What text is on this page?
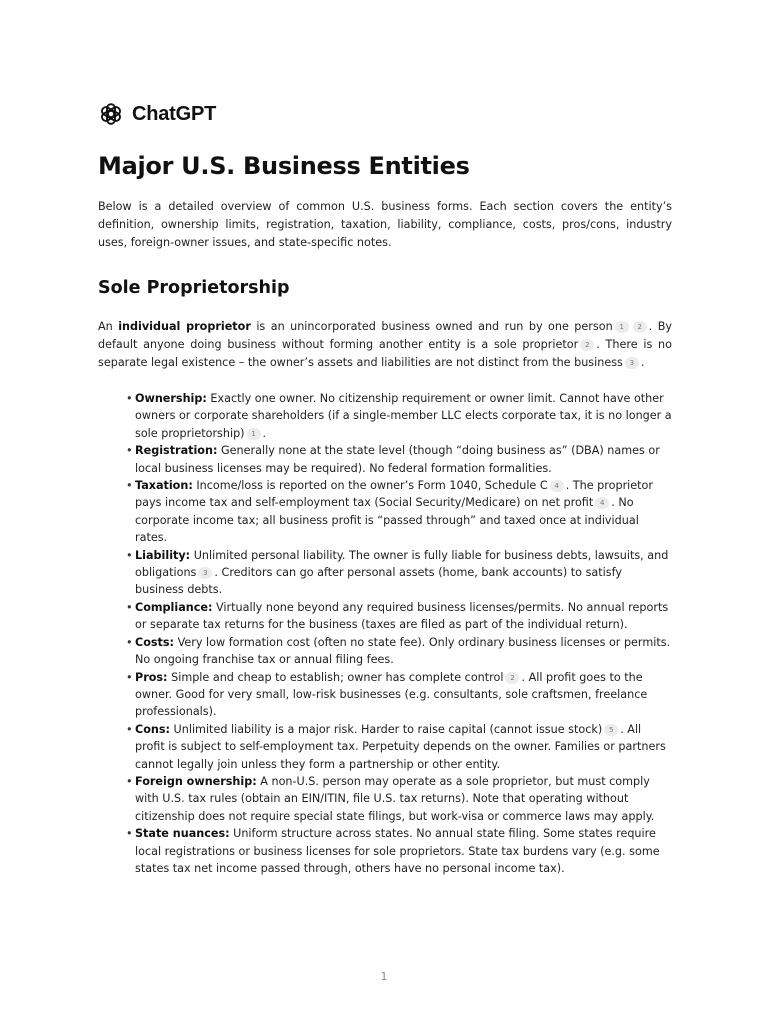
ChatGPT
Major U.S. Business Entities

Below is a detailed overview of common U.S. business forms. Each section covers the entity’s definition, ownership limits, registration, taxation, liability, compliance, costs, pros/cons, industry uses, foreign-owner issues, and state-specific notes.

Sole Proprietorship

An individual proprietor is an unincorporated business owned and run by one person 1 2 . By default anyone doing business without forming another entity is a sole proprietor 2 . There is no separate legal existence – the owner’s assets and liabilities are not distinct from the business 3 .

• Ownership: Exactly one owner. No citizenship requirement or owner limit. Cannot have other owners or corporate shareholders (if a single-member LLC elects corporate tax, it is no longer a sole proprietorship) 1 .
• Registration: Generally none at the state level (though “doing business as” (DBA) names or local business licenses may be required). No federal formation formalities.
• Taxation: Income/loss is reported on the owner’s Form 1040, Schedule C 4 . The proprietor pays income tax and self-employment tax (Social Security/Medicare) on net profit 4 . No corporate income tax; all business profit is “passed through” and taxed once at individual rates.
• Liability: Unlimited personal liability. The owner is fully liable for business debts, lawsuits, and obligations 3 . Creditors can go after personal assets (home, bank accounts) to satisfy business debts.
• Compliance: Virtually none beyond any required business licenses/permits. No annual reports or separate tax returns for the business (taxes are filed as part of the individual return).
• Costs: Very low formation cost (often no state fee). Only ordinary business licenses or permits. No ongoing franchise tax or annual filing fees.
• Pros: Simple and cheap to establish; owner has complete control 2 . All profit goes to the owner. Good for very small, low-risk businesses (e.g. consultants, sole craftsmen, freelance professionals).
• Cons: Unlimited liability is a major risk. Harder to raise capital (cannot issue stock) 5 . All profit is subject to self-employment tax. Perpetuity depends on the owner. Families or partners cannot legally join unless they form a partnership or other entity.
• Foreign ownership: A non-U.S. person may operate as a sole proprietor, but must comply with U.S. tax rules (obtain an EIN/ITIN, file U.S. tax returns). Note that operating without citizenship does not require special state filings, but work-visa or commerce laws may apply.
• State nuances: Uniform structure across states. No annual state filing. Some states require local registrations or business licenses for sole proprietors. State tax burdens vary (e.g. some states tax net income passed through, others have no personal income tax).
1
